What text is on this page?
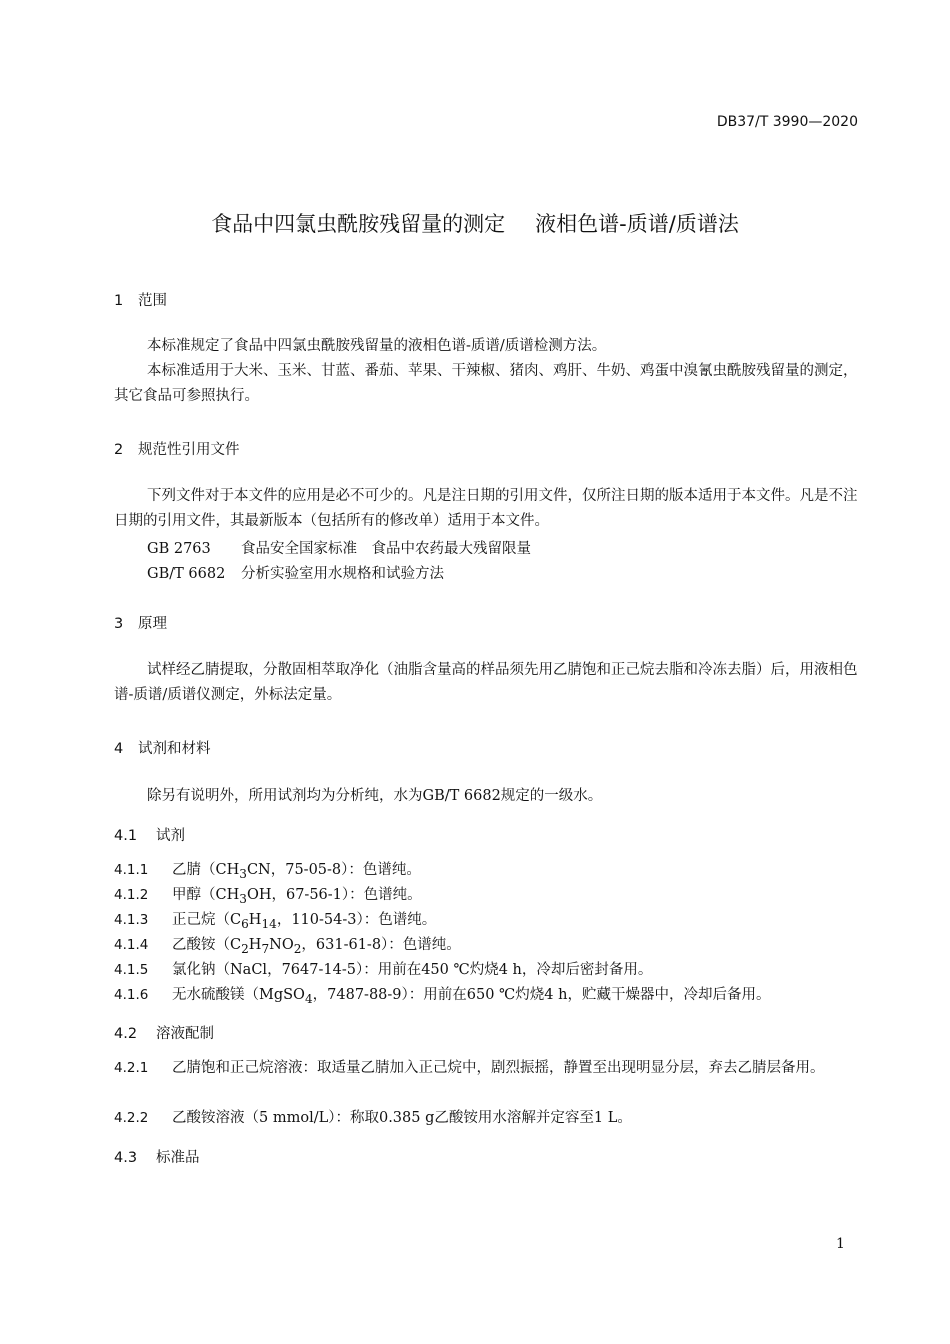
DB37/T 3990—2020
食品中四氯虫酰胺残留量的测定 液相色谱-质谱/质谱法
1 范围
本标准规定了食品中四氯虫酰胺残留量的液相色谱-质谱/质谱检测方法。
本标准适用于大米、玉米、甘蓝、番茄、苹果、干辣椒、猪肉、鸡肝、牛奶、鸡蛋中溴氰虫酰胺残留量的测定，其它食品可参照执行。
2 规范性引用文件
下列文件对于本文件的应用是必不可少的。凡是注日期的引用文件，仅所注日期的版本适用于本文件。凡是不注日期的引用文件，其最新版本（包括所有的修改单）适用于本文件。
GB 2763 食品安全国家标准　食品中农药最大残留限量
GB/T 6682 分析实验室用水规格和试验方法
3 原理
试样经乙腈提取，分散固相萃取净化（油脂含量高的样品须先用乙腈饱和正己烷去脂和冷冻去脂）后，用液相色谱-质谱/质谱仪测定，外标法定量。
4 试剂和材料
除另有说明外，所用试剂均为分析纯，水为GB/T 6682规定的一级水。
4.1 试剂
4.1.1 乙腈（$CH_3CN$，75-05-8）：色谱纯。
4.1.2 甲醇（$CH_3OH$，67-56-1）：色谱纯。
4.1.3 正己烷（$C_6H_{14}$，110-54-3）：色谱纯。
4.1.4 乙酸铵（$C_2H_7NO_2$，631-61-8）：色谱纯。
4.1.5 氯化钠（NaCl，7647-14-5）：用前在450 ℃灼烧4 h，冷却后密封备用。
4.1.6 无水硫酸镁（MgSO$_4$，7487-88-9）：用前在650 ℃灼烧4 h，贮藏干燥器中，冷却后备用。
4.2 溶液配制
4.2.1 乙腈饱和正己烷溶液：取适量乙腈加入正己烷中，剧烈振摇，静置至出现明显分层，弃去乙腈层备用。
4.2.2 乙酸铵溶液（5 mmol/L）：称取0.385 g乙酸铵用水溶解并定容至1 L。
4.3 标准品
1
